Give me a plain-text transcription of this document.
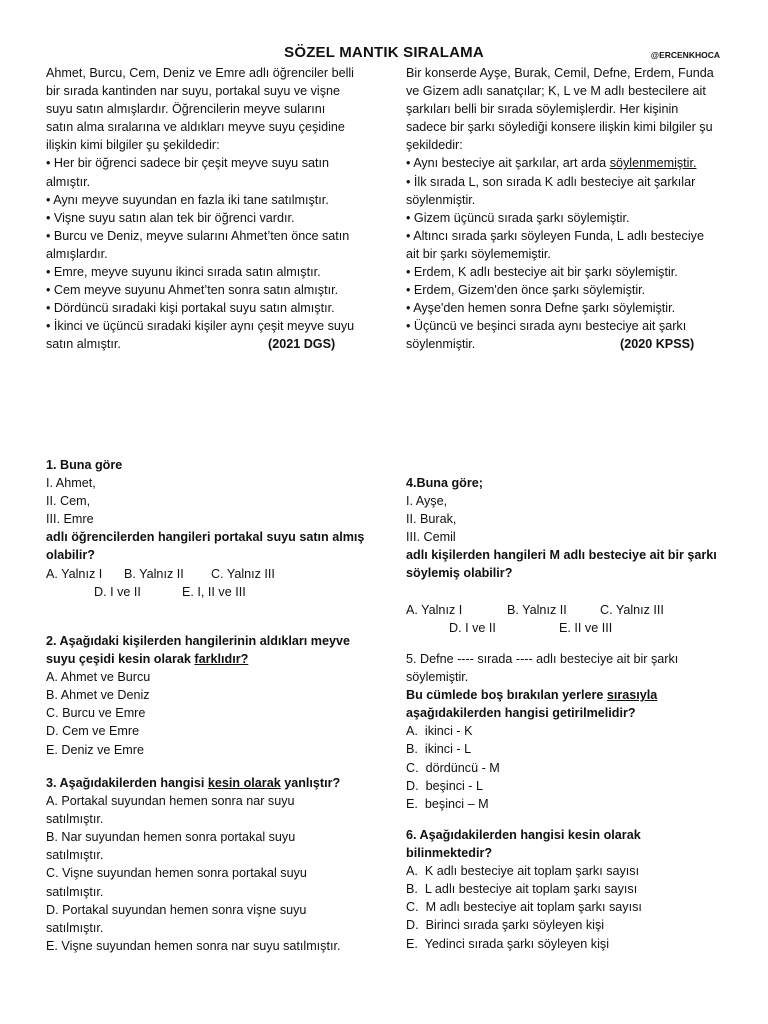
SÖZEL MANTIK SIRALAMA	@ERCENKHOCA
Ahmet, Burcu, Cem, Deniz ve Emre adlı öğrenciler belli
bir sırada kantinden nar suyu, portakal suyu ve vişne
suyu satın almışlardır. Öğrencilerin meyve sularını
satın alma sıralarına ve aldıkları meyve suyu çeşidine
ilişkin kimi bilgiler şu şekildedir:
• Her bir öğrenci sadece bir çeşit meyve suyu satın
almıştır.
• Aynı meyve suyundan en fazla iki tane satılmıştır.
• Vişne suyu satın alan tek bir öğrenci vardır.
• Burcu ve Deniz, meyve sularını Ahmet’ten önce satın
almışlardır.
• Emre, meyve suyunu ikinci sırada satın almıştır.
• Cem meyve suyunu Ahmet’ten sonra satın almıştır.
• Dördüncü sıradaki kişi portakal suyu satın almıştır.
• İkinci ve üçüncü sıradaki kişiler aynı çeşit meyve suyu
satın almıştır.	(2021 DGS)
Bir konserde Ayşe, Burak, Cemil, Defne, Erdem, Funda
ve Gizem adlı sanatçılar; K, L ve M adlı bestecilere ait
şarkıları belli bir sırada söylemişlerdir. Her kişinin
sadece bir şarkı söylediği konsere ilişkin kimi bilgiler şu
şekildedir:
• Aynı besteciye ait şarkılar, art arda söylenmemiştir.
• İlk sırada L, son sırada K adlı besteciye ait şarkılar
söylenmiştir.
• Gizem üçüncü sırada şarkı söylemiştir.
• Altıncı sırada şarkı söyleyen Funda, L adlı besteciye
ait bir şarkı söylememiştir.
• Erdem, K adlı besteciye ait bir şarkı söylemiştir.
• Erdem, Gizem'den önce şarkı söylemiştir.
• Ayşe'den hemen sonra Defne şarkı söylemiştir.
• Üçüncü ve beşinci sırada aynı besteciye ait şarkı
söylenmiştir.	(2020 KPSS)
1. Buna göre
I. Ahmet,
II. Cem,
III. Emre
adlı öğrencilerden hangileri portakal suyu satın almış
olabilir?
A. Yalnız I B. Yalnız II C. Yalnız III
D. I ve II	E. I, II ve III
2. Aşağıdaki kişilerden hangilerinin aldıkları meyve
suyu çeşidi kesin olarak farklıdır?
A. Ahmet ve Burcu
B. Ahmet ve Deniz
C. Burcu ve Emre
D. Cem ve Emre
E. Deniz ve Emre
3. Aşağıdakilerden hangisi kesin olarak yanlıştır?
A. Portakal suyundan hemen sonra nar suyu
satılmıştır.
B. Nar suyundan hemen sonra portakal suyu
satılmıştır.
C. Vişne suyundan hemen sonra portakal suyu
satılmıştır.
D. Portakal suyundan hemen sonra vişne suyu
satılmıştır.
E. Vişne suyundan hemen sonra nar suyu satılmıştır.
4.Buna göre;
I. Ayşe,
II. Burak,
III. Cemil
adlı kişilerden hangileri M adlı besteciye ait bir şarkı
söylemiş olabilir?
A. Yalnız I	B. Yalnız II	C. Yalnız III
D. I ve II	E. II ve III
5. Defne ---- sırada ---- adlı besteciye ait bir şarkı
söylemiştir.
Bu cümlede boş bırakılan yerlere sırasıyla
aşağıdakilerden hangisi getirilmelidir?
A.  ikinci - K
B.  ikinci - L
C.  dördüncü - M
D.  beşinci - L
E.  beşinci – M
6. Aşağıdakilerden hangisi kesin olarak
bilinmektedir?
A.  K adlı besteciye ait toplam şarkı sayısı
B.  L adlı besteciye ait toplam şarkı sayısı
C.  M adlı besteciye ait toplam şarkı sayısı
D.  Birinci sırada şarkı söyleyen kişi
E.  Yedinci sırada şarkı söyleyen kişi
